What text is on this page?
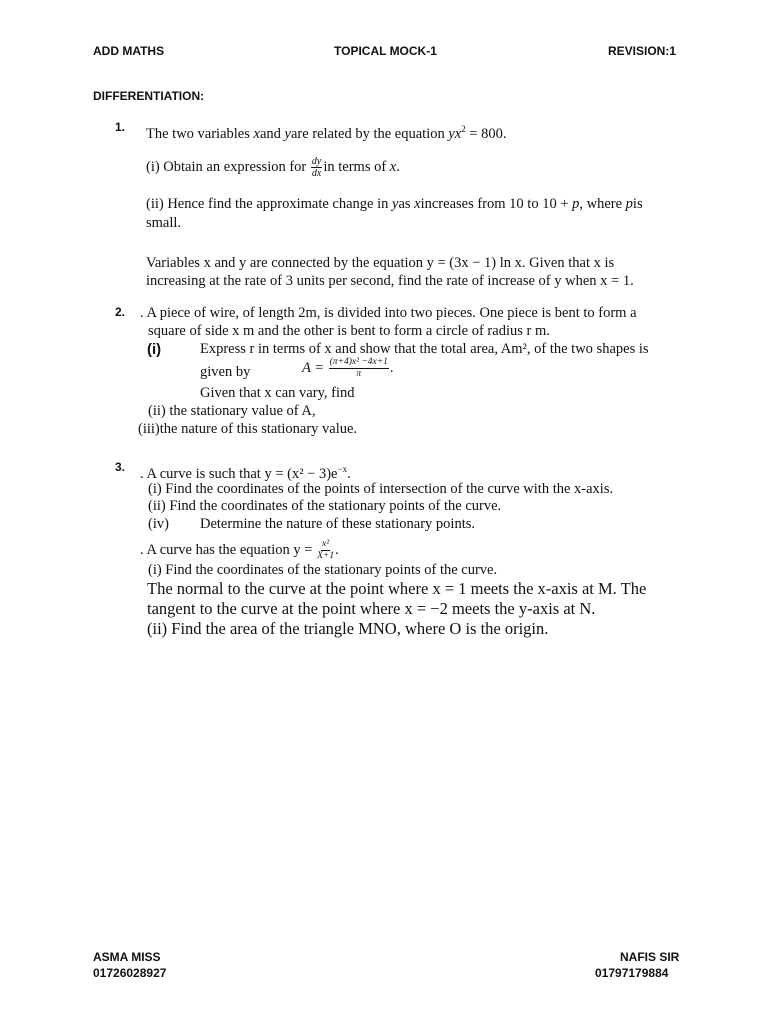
ADD MATHS	TOPICAL MOCK-1	REVISION:1
DIFFERENTIATION:
1. The two variables xand yare related by the equation $yx^2 = 800$.
(i) Obtain an expression for $\frac{dy}{dx}$ in terms of x.
(ii) Hence find the approximate change in yas xincreases from 10 to 10 + p, where pis
small.
Variables x and y are connected by the equation y = (3x − 1) ln x. Given that x is
increasing at the rate of 3 units per second, find the rate of increase of y when x = 1.
2. . A piece of wire, of length 2m, is divided into two pieces. One piece is bent to form a
square of side x m and the other is bent to form a circle of radius r m.
(i)	Express r in terms of x and show that the total area, Am², of the two shapes is
given by	$A = \frac{\text{(π+4)x² −4x+1}}{\pi}$ .
Given that x can vary, find
(ii) the stationary value of A,
(iii)the nature of this stationary value.
3. . A curve is such that $y = (x^2 - 3)e^{-x}$.
(i) Find the coordinates of the points of intersection of the curve with the x-axis.
(ii) Find the coordinates of the stationary points of the curve.
(iv) Determine the nature of these stationary points.
. A curve has the equation $y = \frac{\text{x²}}{X+1}$ .
(i) Find the coordinates of the stationary points of the curve.
The normal to the curve at the point where x = 1 meets the x-axis at M. The
tangent to the curve at the point where x = −2 meets the y-axis at N.
(ii) Find the area of the triangle MNO, where O is the origin.
ASMA MISS
01726028927
NAFIS SIR
01797179884
